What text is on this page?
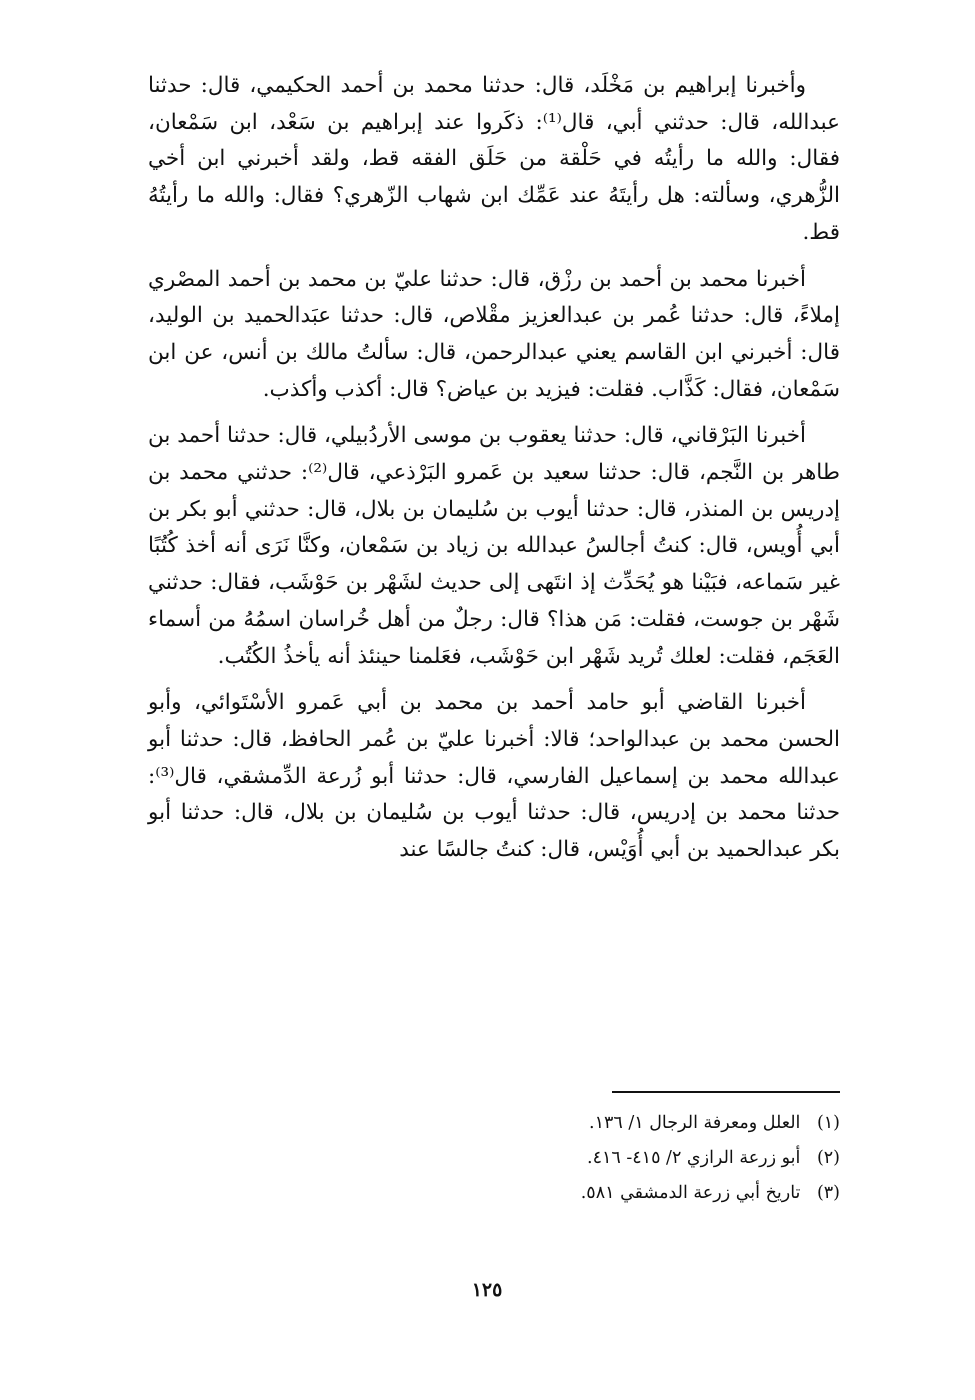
وأخبرنا إبراهيم بن مَخْلَد، قال: حدثنا محمد بن أحمد الحكيمي، قال: حدثنا عبدالله، قال: حدثني أبي، قال⁽¹⁾: ذكَروا عند إبراهيم بن سَعْد، ابن سَمْعان، فقال: والله ما رأيتُه في حَلْقة من حَلَق الفقه قط، ولقد أخبرني ابن أخي الزُّهري، وسألته: هل رأيتَهُ عند عَمِّك ابن شهاب الزّهري؟ فقال: والله ما رأيتُهُ قط.

أخبرنا محمد بن أحمد بن رزْق، قال: حدثنا عليّ بن محمد بن أحمد المصْري إملاءً، قال: حدثنا عُمر بن عبدالعزيز مقْلاص، قال: حدثنا عبَدالحميد بن الوليد، قال: أخبرني ابن القاسم يعني عبدالرحمن، قال: سألتُ مالك بن أنس، عن ابن سَمْعان، فقال: كَذَّاب. فقلت: فيزيد بن عياض؟ قال: أكذب وأكذب.

أخبرنا البَرْقاني، قال: حدثنا يعقوب بن موسى الأردُبيلي، قال: حدثنا أحمد بن طاهر بن النَّجم، قال: حدثنا سعيد بن عَمرو البَرْذعي، قال⁽²⁾: حدثني محمد بن إدريس بن المنذر، قال: حدثنا أيوب بن سُليمان بن بلال، قال: حدثني أبو بكر بن أبي أُويس، قال: كنتُ أجالسُ عبدالله بن زياد بن سَمْعان، وكنَّا نَرَى أنه أخذ كُتُبًا غير سَماعه، فبَيْنا هو يُحَدِّث إذ انتَهى إلى حديث لشَهْر بن حَوْشَب، فقال: حدثني شَهْر بن جوست، فقلت: مَن هذا؟ قال: رجلٌ من أهل خُراسان اسمُهُ من أسماء العَجَم، فقلت: لعلك تُريد شَهْر ابن حَوْشَب، فعَلمنا حينئذ أنه يأخذُ الكُتُب.

أخبرنا القاضي أبو حامد أحمد بن محمد بن أبي عَمرو الأسْتَوائي، وأبو الحسن محمد بن عبدالواحد؛ قالا: أخبرنا عليّ بن عُمر الحافظ، قال: حدثنا أبو عبدالله محمد بن إسماعيل الفارسي، قال: حدثنا أبو زُرعة الدِّمشقي، قال⁽³⁾: حدثنا محمد بن إدريس، قال: حدثنا أيوب بن سُليمان بن بلال، قال: حدثنا أبو بكر عبدالحميد بن أبي أُوَيْس، قال: كنتُ جالسًا عند

(١) العلل ومعرفة الرجال ١/ ١٣٦.
(٢) أبو زرعة الرازي ٢/ ٤١٥- ٤١٦.
(٣) تاريخ أبي زرعة الدمشقي ٥٨١.
١٢٥
